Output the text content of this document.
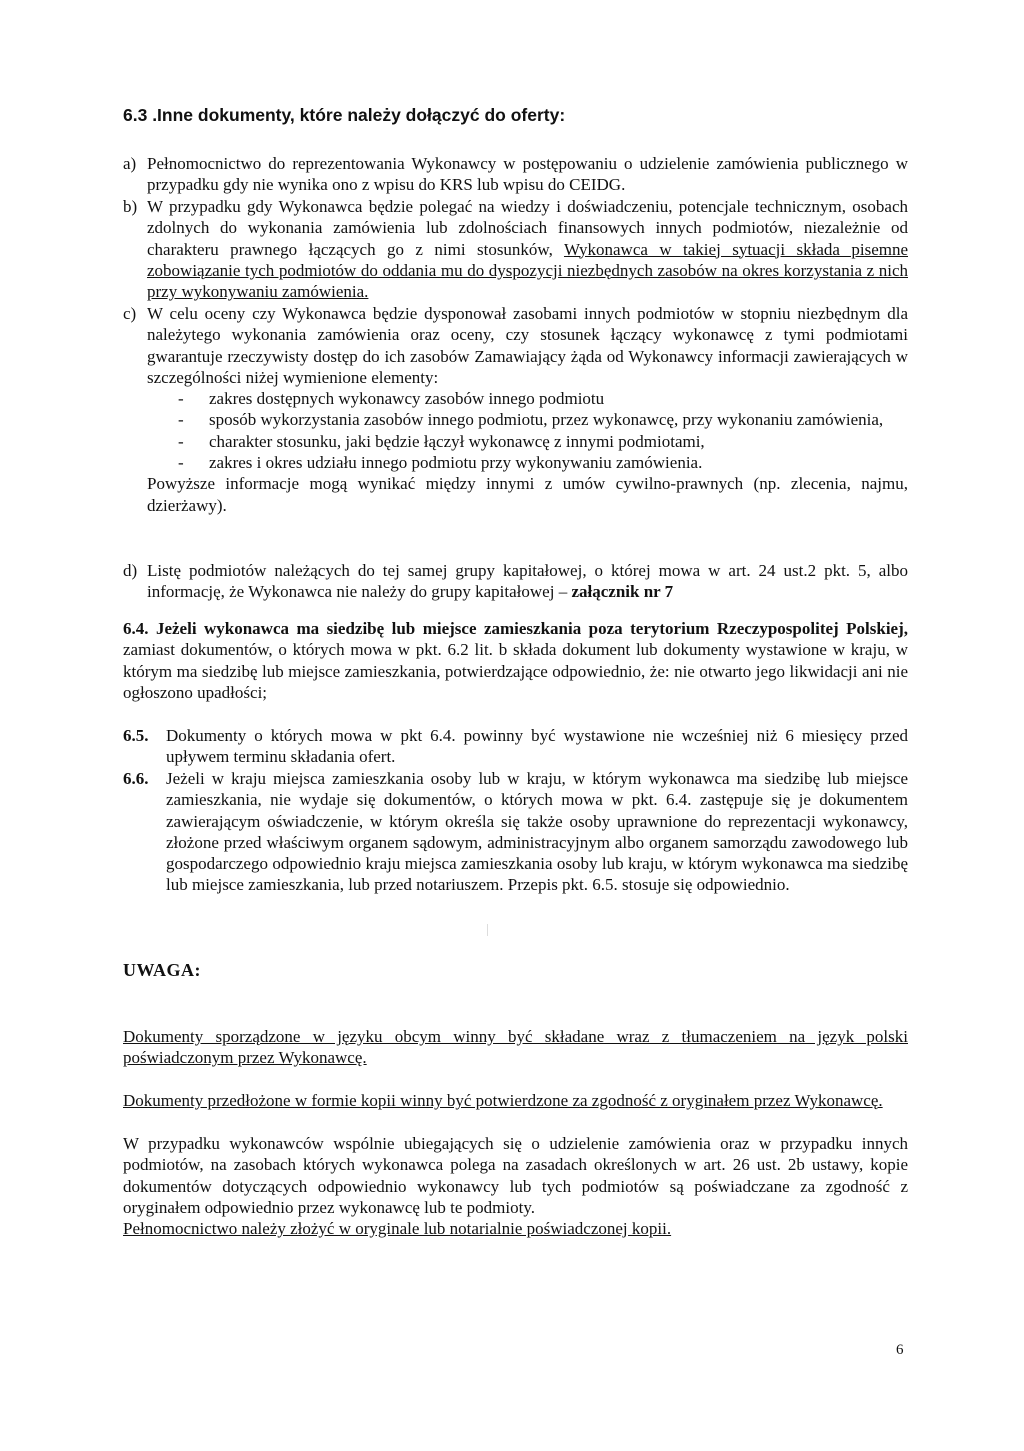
6.3 .Inne dokumenty, które należy dołączyć do oferty:
a) Pełnomocnictwo do reprezentowania Wykonawcy w postępowaniu o udzielenie zamówienia publicznego w przypadku gdy nie wynika ono z wpisu do KRS lub wpisu do CEIDG.
b) W przypadku gdy Wykonawca będzie polegać na wiedzy i doświadczeniu, potencjale technicznym, osobach zdolnych do wykonania zamówienia lub zdolnościach finansowych innych podmiotów, niezależnie od charakteru prawnego łączących go z nimi stosunków, Wykonawca w takiej sytuacji składa pisemne zobowiązanie tych podmiotów do oddania mu do dyspozycji niezbędnych zasobów na okres korzystania z nich przy wykonywaniu zamówienia.
c) W celu oceny czy Wykonawca będzie dysponował zasobami innych podmiotów w stopniu niezbędnym dla należytego wykonania zamówienia oraz oceny, czy stosunek łączący wykonawcę z tymi podmiotami gwarantuje rzeczywisty dostęp do ich zasobów Zamawiający żąda od Wykonawcy informacji zawierających w szczególności niżej wymienione elementy:
- zakres dostępnych wykonawcy zasobów innego podmiotu
- sposób wykorzystania zasobów innego podmiotu, przez wykonawcę, przy wykonaniu zamówienia,
- charakter stosunku, jaki będzie łączył wykonawcę z innymi podmiotami,
- zakres i okres udziału innego podmiotu przy wykonywaniu zamówienia.
Powyższe informacje mogą wynikać między innymi z umów cywilno-prawnych (np. zlecenia, najmu, dzierżawy).
d) Listę podmiotów należących do tej samej grupy kapitałowej, o której mowa w art. 24 ust.2 pkt. 5, albo informację, że Wykonawca nie należy do grupy kapitałowej – załącznik nr 7
6.4. Jeżeli wykonawca ma siedzibę lub miejsce zamieszkania poza terytorium Rzeczypospolitej Polskiej, zamiast dokumentów, o których mowa w pkt. 6.2 lit. b składa dokument lub dokumenty wystawione w kraju, w którym ma siedzibę lub miejsce zamieszkania, potwierdzające odpowiednio, że: nie otwarto jego likwidacji ani nie ogłoszono upadłości;
6.5. Dokumenty o których mowa w pkt 6.4. powinny być wystawione nie wcześniej niż 6 miesięcy przed upływem terminu składania ofert.
6.6. Jeżeli w kraju miejsca zamieszkania osoby lub w kraju, w którym wykonawca ma siedzibę lub miejsce zamieszkania, nie wydaje się dokumentów, o których mowa w pkt. 6.4. zastępuje się je dokumentem zawierającym oświadczenie, w którym określa się także osoby uprawnione do reprezentacji wykonawcy, złożone przed właściwym organem sądowym, administracyjnym albo organem samorządu zawodowego lub gospodarczego odpowiednio kraju miejsca zamieszkania osoby lub kraju, w którym wykonawca ma siedzibę lub miejsce zamieszkania, lub przed notariuszem. Przepis pkt. 6.5. stosuje się odpowiednio.
UWAGA:
Dokumenty sporządzone w języku obcym winny być składane wraz z tłumaczeniem na język polski poświadczonym przez Wykonawcę.
Dokumenty przedłożone w formie kopii winny być potwierdzone za zgodność z oryginałem przez Wykonawcę.
W przypadku wykonawców wspólnie ubiegających się o udzielenie zamówienia oraz w przypadku innych podmiotów, na zasobach których wykonawca polega na zasadach określonych w art. 26 ust. 2b ustawy, kopie dokumentów dotyczących odpowiednio wykonawcy lub tych podmiotów są poświadczane za zgodność z oryginałem odpowiednio przez wykonawcę lub te podmioty.
Pełnomocnictwo należy złożyć w oryginale lub notarialnie poświadczonej kopii.
6
